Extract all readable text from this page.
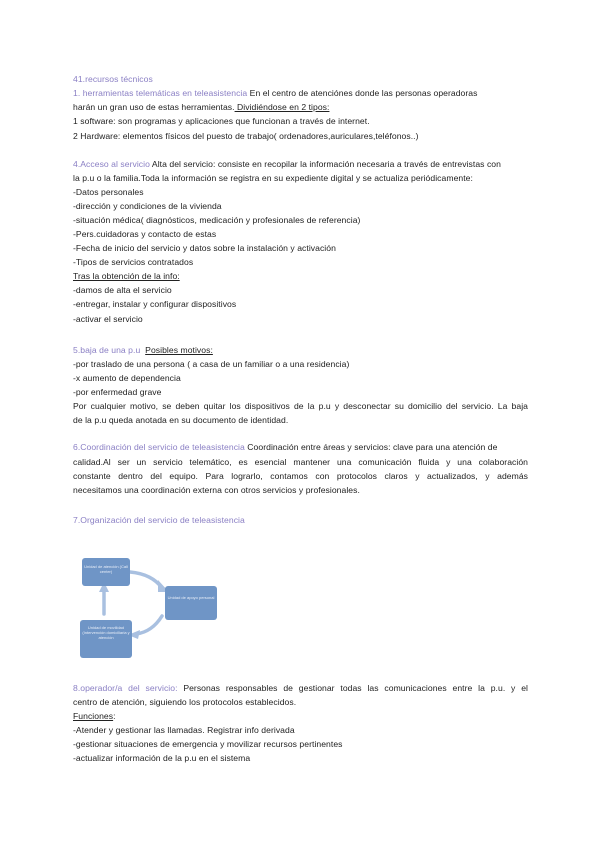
41.recursos técnicos
1. herramientas telemáticas en teleasistencia En el centro de atenciónes donde las personas operadoras
harán un gran uso de estas herramientas. Dividiéndose en 2 tipos:
1 software: son programas y aplicaciones que funcionan a través de internet.
2 Hardware: elementos físicos del puesto de trabajo( ordenadores,auriculares,teléfonos..)
4.Acceso al servicio Alta del servicio: consiste en recopilar la información necesaria a través de entrevistas con
la p.u o la familia.Toda la información se registra en su expediente digital y se actualiza periódicamente:
-Datos personales
-dirección y condiciones de la vivienda
-situación médica( diagnósticos, medicación y profesionales de referencia)
-Pers.cuidadoras y contacto de estas
-Fecha de inicio del servicio y datos sobre la instalación y activación
-Tipos de servicios contratados
Tras la obtención de la info:
-damos de alta el servicio
-entregar, instalar y configurar dispositivos
-activar el servicio
5.baja de una p.u Posibles motivos:
-por traslado de una persona ( a casa de un familiar o a una residencia)
-x aumento de dependencia
-por enfermedad grave
Por cualquier motivo, se deben quitar los dispositivos de la p.u y desconectar su domicilio del servicio. La baja
de la p.u queda anotada en su documento de identidad.
6.Coordinación del servicio de teleasistencia Coordinación entre áreas y servicios: clave para una atención de
calidad.Al ser un servicio telemático, es esencial mantener una comunicación fluida y una colaboración
constante dentro del equipo. Para lograrlo, contamos con protocolos claros y actualizados, y además
necesitamos una coordinación externa con otros servicios y profesionales.
7.Organización del servicio de teleasistencia
Unidad de atención (Call center)
Unidad de apoyo personal
Unidad de movilidad (Intervención domiciliaria y atención
8.operador/a del servicio: Personas responsables de gestionar todas las comunicaciones entre la p.u. y el
centro de atención, siguiendo los protocolos establecidos.
Funciones:
-Atender y gestionar las llamadas. Registrar info derivada
-gestionar situaciones de emergencia y movilizar recursos pertinentes
-actualizar información de la p.u en el sistema
